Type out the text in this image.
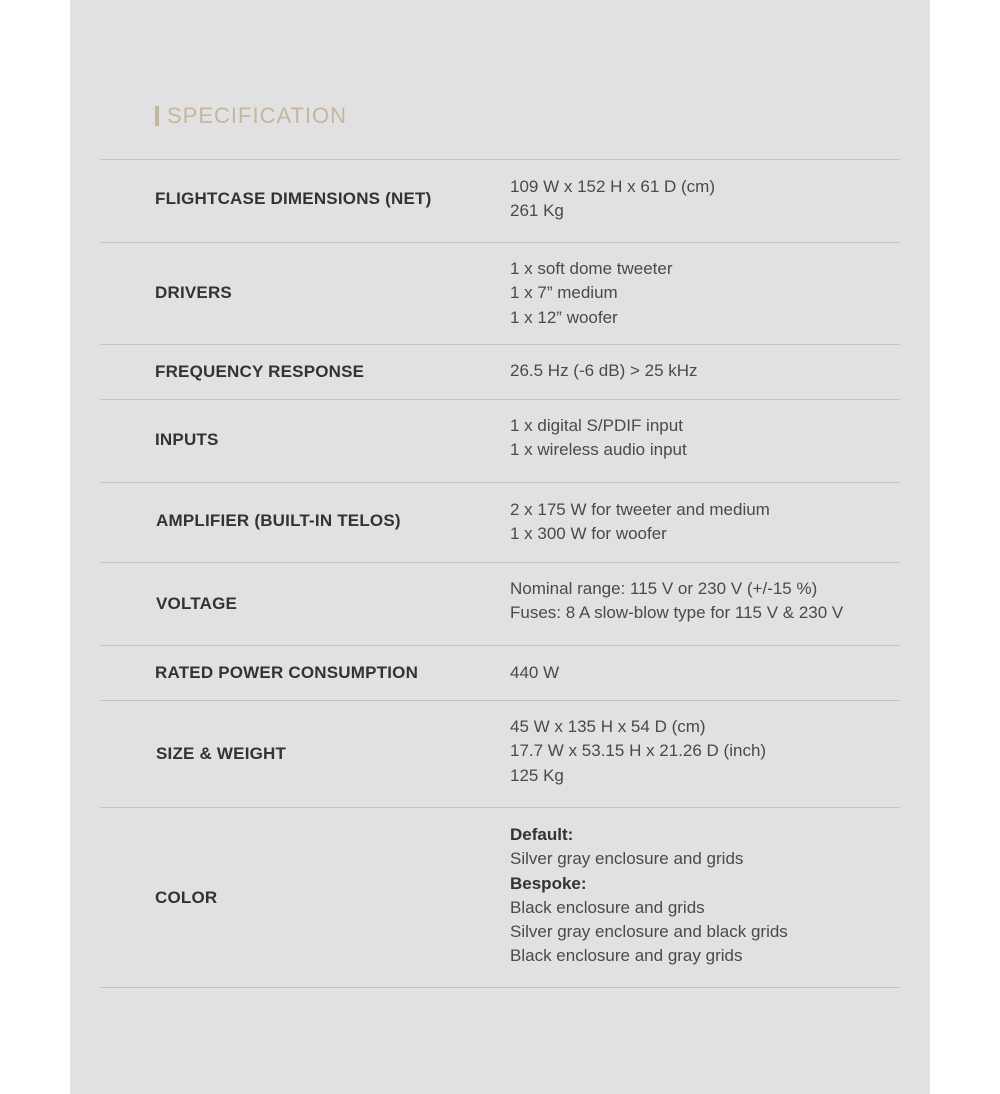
SPECIFICATION
FLIGHTCASE DIMENSIONS (NET)
109 W x 152 H x 61 D (cm)
261 Kg
DRIVERS
1 x soft dome tweeter
1 x 7” medium
1 x 12” woofer
FREQUENCY RESPONSE	26.5 Hz (-6 dB) > 25 kHz
INPUTS
1 x digital S/PDIF input
1 x wireless audio input
AMPLIFIER (BUILT-IN TELOS)
2 x 175 W for tweeter and medium
1 x 300 W for woofer
VOLTAGE
Nominal range: 115 V or 230 V (+/-15 %)
Fuses: 8 A slow-blow type for 115 V & 230 V
RATED POWER CONSUMPTION	440 W
SIZE & WEIGHT
45 W x 135 H x 54 D (cm)
17.7 W x 53.15 H x 21.26 D (inch)
125 Kg
COLOR
Default:
Silver gray enclosure and grids
Bespoke:
Black enclosure and grids
Silver gray enclosure and black grids
Black enclosure and gray grids
